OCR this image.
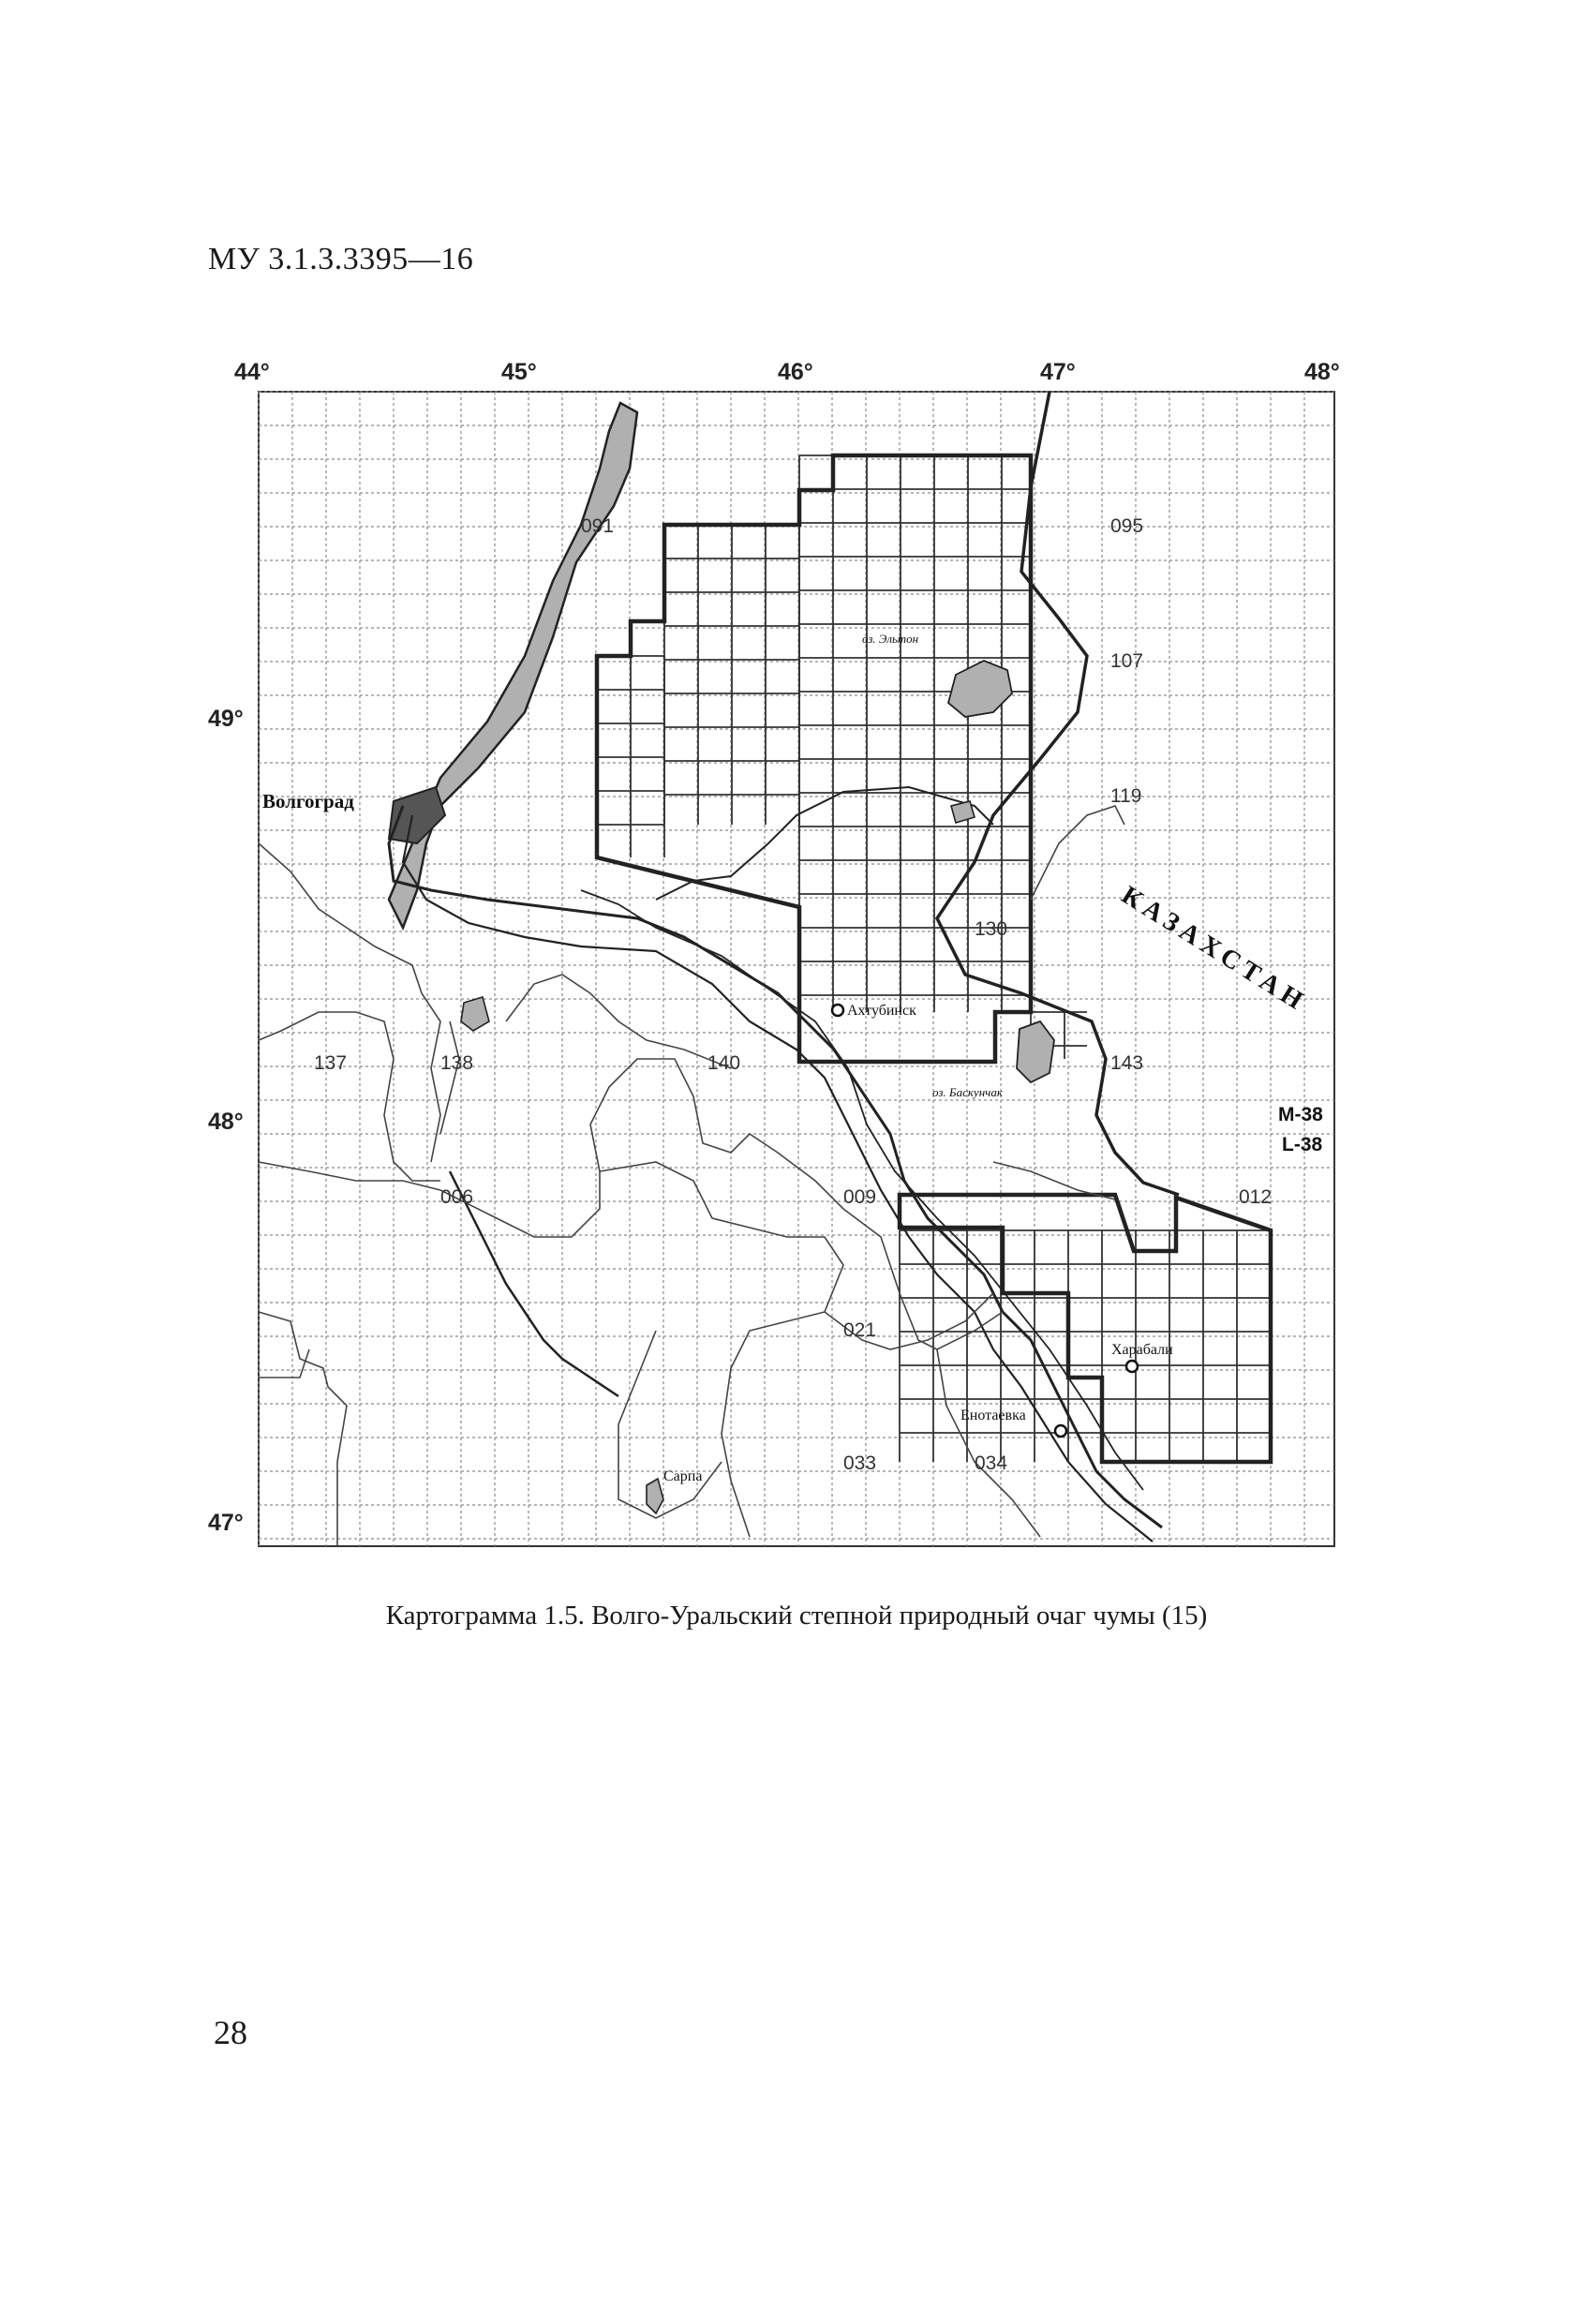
МУ 3.1.3.3395—16
44°	45°	46°	47°	48°
49°
48°
47°
091	095
107
119
130
137	138	140	143
006	009	012
021
033	034
Волгоград
Ахтубинск
Харабали
Енотаевка
Сарпа
оз. Эльтон
оз. Баскунчак
КАЗАХСТАН
М-38
L-38
Картограмма 1.5. Волго-Уральский степной природный очаг чумы (15)
28
